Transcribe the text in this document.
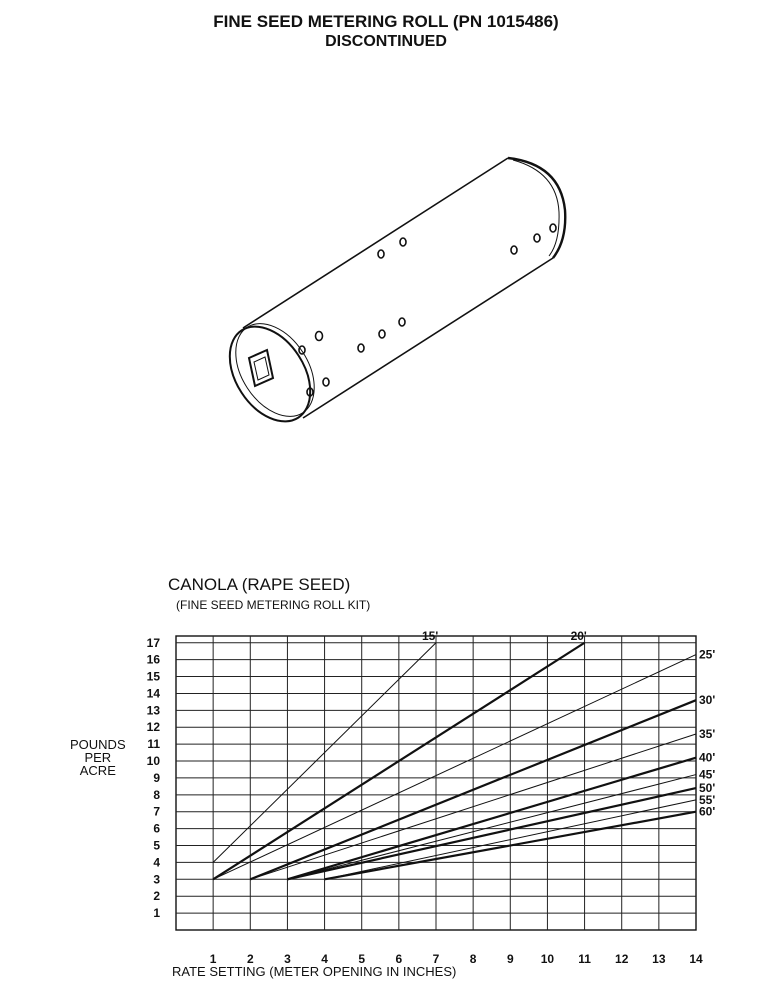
FINE SEED METERING ROLL (PN 1015486)
DISCONTINUED
CANOLA (RAPE SEED)
(FINE SEED METERING ROLL KIT)
POUNDS
PER
ACRE
RATE SETTING (METER OPENING IN INCHES)
1
2
3
4
5
6
7
8
9
10
11
12
13
14
15
16
17
1	2	3	4	5	6	7	8	9 10 11 12 13 14
15'	20'
25'
30'
35'
40'
45'
50'
55'
60'
